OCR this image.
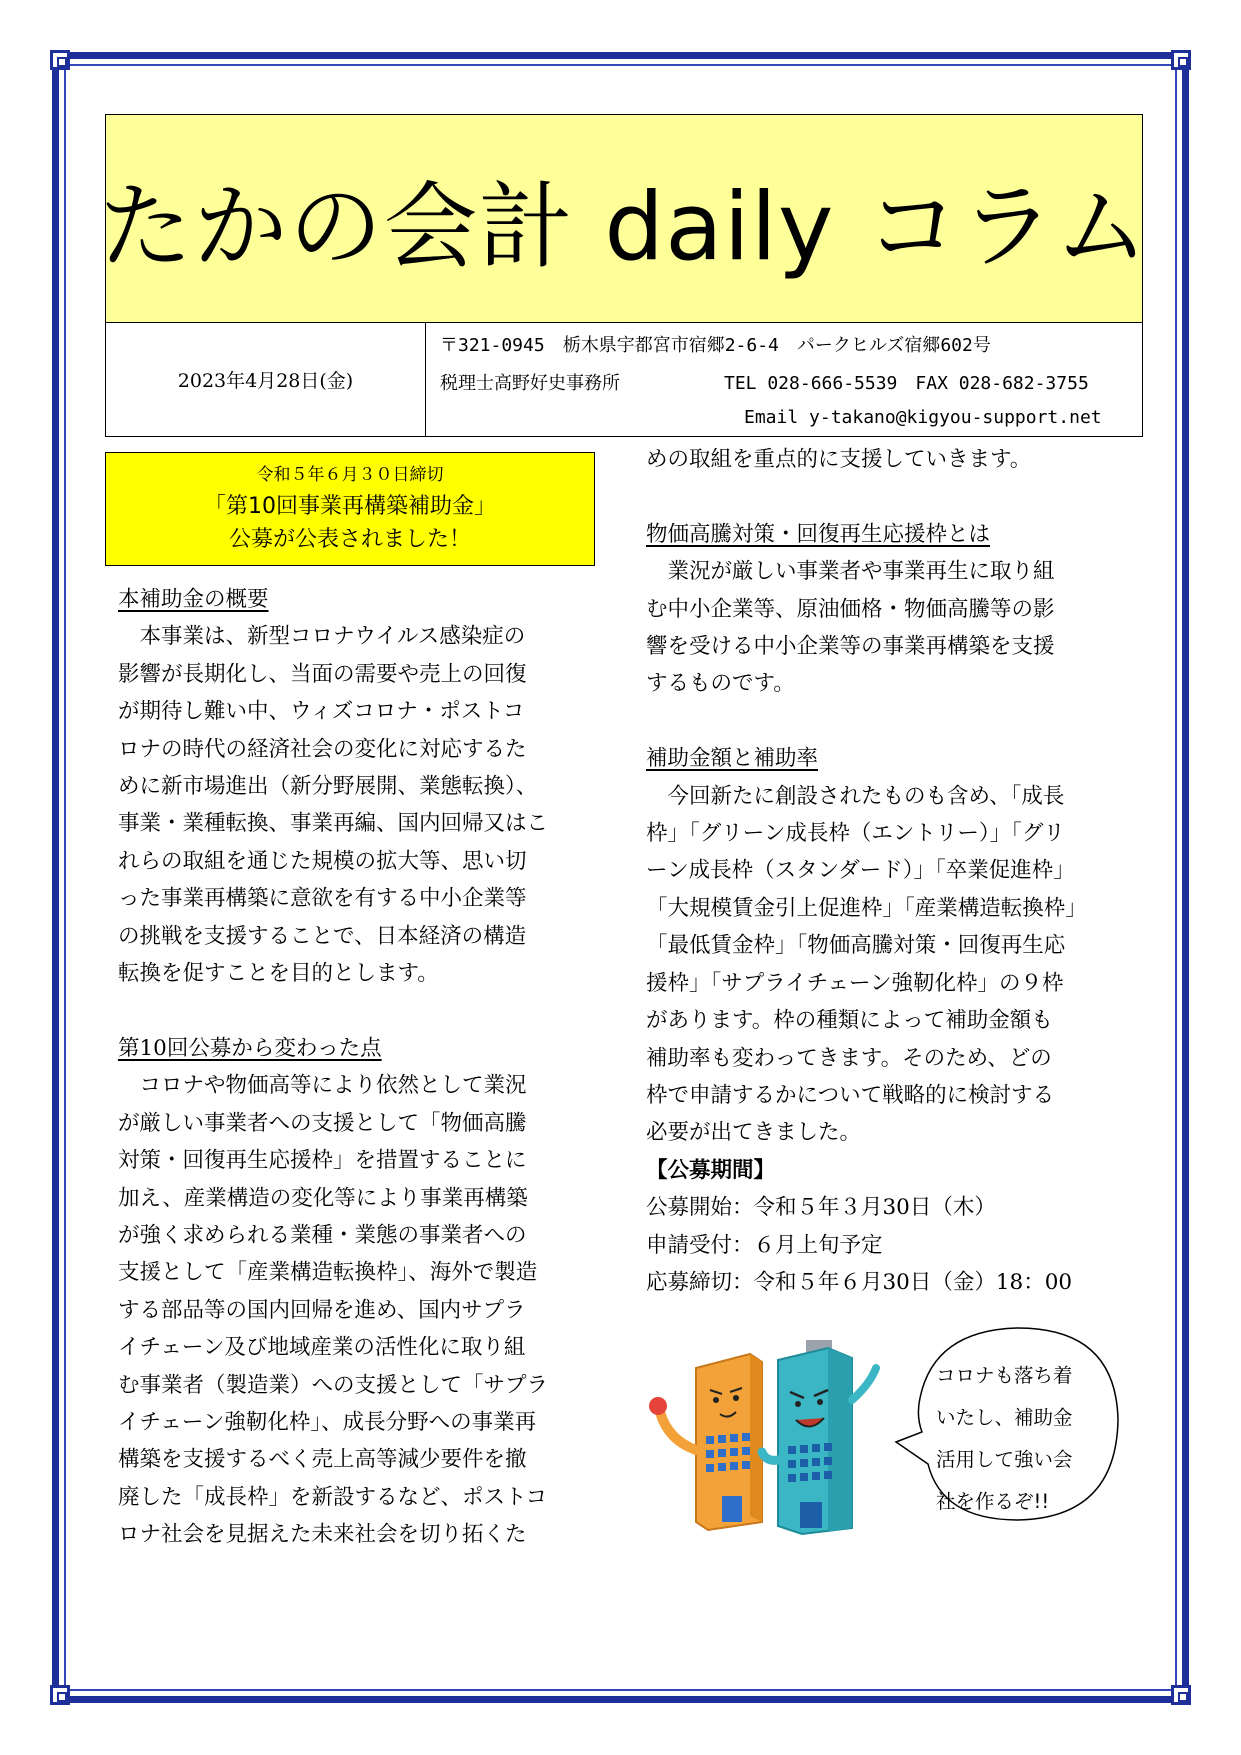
たかの会計 daily コラム
2023年4月28日(金)
〒321-0945　栃木県宇都宮市宿郷2-6-4　パークヒルズ宿郷602号
税理士高野好史事務所	TEL 028-666-5539　FAX 028-682-3755
Email y-takano@kigyou-support.net
令和５年６月３０日締切
「第10回事業再構築補助金」
公募が公表されました！

本補助金の概要

　本事業は、新型コロナウイルス感染症の

影響が長期化し、当面の需要や売上の回復

が期待し難い中、ウィズコロナ・ポストコ

ロナの時代の経済社会の変化に対応するた

めに新市場進出（新分野展開、業態転換）、

事業・業種転換、事業再編、国内回帰又はこ

れらの取組を通じた規模の拡大等、思い切

った事業再構築に意欲を有する中小企業等

の挑戦を支援することで、日本経済の構造

転換を促すことを目的とします。

第10回公募から変わった点

　コロナや物価高等により依然として業況

が厳しい事業者への支援として「物価高騰

対策・回復再生応援枠」を措置することに

加え、産業構造の変化等により事業再構築

が強く求められる業種・業態の事業者への

支援として「産業構造転換枠」、海外で製造

する部品等の国内回帰を進め、国内サプラ

イチェーン及び地域産業の活性化に取り組

む事業者（製造業）への支援として「サプラ

イチェーン強靭化枠」、成長分野への事業再

構築を支援するべく売上高等減少要件を撤

廃した「成長枠」を新設するなど、ポストコ

ロナ社会を見据えた未来社会を切り拓くた

めの取組を重点的に支援していきます。

物価高騰対策・回復再生応援枠とは

　業況が厳しい事業者や事業再生に取り組

む中小企業等、原油価格・物価高騰等の影

響を受ける中小企業等の事業再構築を支援

するものです。

補助金額と補助率

　今回新たに創設されたものも含め、「成長

枠」「グリーン成長枠（エントリー）」「グリ

ーン成長枠（スタンダード）」「卒業促進枠」

「大規模賃金引上促進枠」「産業構造転換枠」

「最低賃金枠」「物価高騰対策・回復再生応

援枠」「サプライチェーン強靭化枠」の９枠

があります。枠の種類によって補助金額も

補助率も変わってきます。そのため、どの

枠で申請するかについて戦略的に検討する

必要が出てきました。

【公募期間】

公募開始：令和５年３月30日（木）

申請受付：６月上旬予定

応募締切：令和５年６月30日（金）18：00

コロナも落ち着
いたし、補助金
活用して強い会
社を作るぞ!!
